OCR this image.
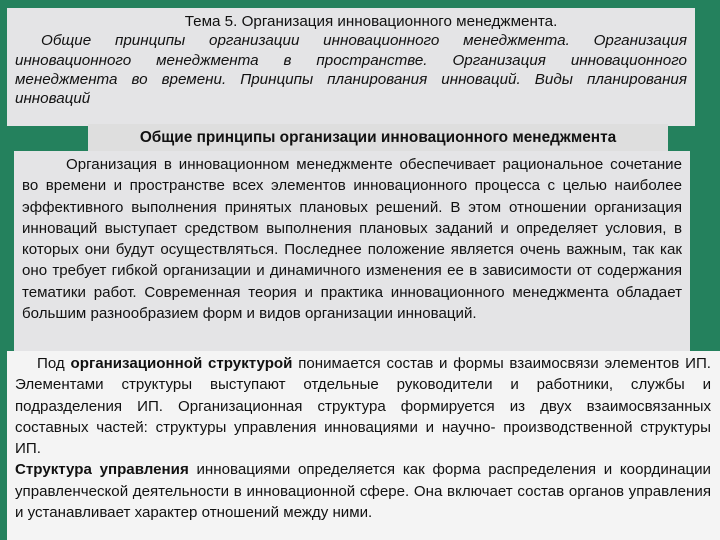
Тема 5. Организация инновационного менеджмента.
Общие принципы организации инновационного менеджмента. Организация инновационного менеджмента в пространстве. Организация инновационного менеджмента во времени. Принципы планирования инноваций. Виды планирования инноваций
Общие принципы организации инновационного менеджмента
Организация в инновационном менеджменте обеспечивает рациональное сочетание во времени и пространстве всех элементов инновационного процесса с целью наиболее эффективного выполнения принятых плановых решений. В этом отношении организация инноваций выступает средством выполнения плановых заданий и определяет условия, в которых они будут осуществляться. Последнее положение является очень важным, так как оно требует гибкой организации и динамичного изменения ее в зависимости от содержания тематики работ. Современная теория и практика инновационного менеджмента обладает большим разнообразием форм и видов организации инноваций.

Под организационной структурой понимается состав и формы взаимосвязи элементов ИП. Элементами структуры выступают отдельные руководители и работники, службы и подразделения ИП. Организационная структура формируется из двух взаимосвязанных составных частей: структуры управления инновациями и научно- производственной структуры ИП.

Структура управления инновациями определяется как форма распределения и координации управленческой деятельности в инновационной сфере. Она включает состав органов управления и устанавливает характер отношений между ними.
